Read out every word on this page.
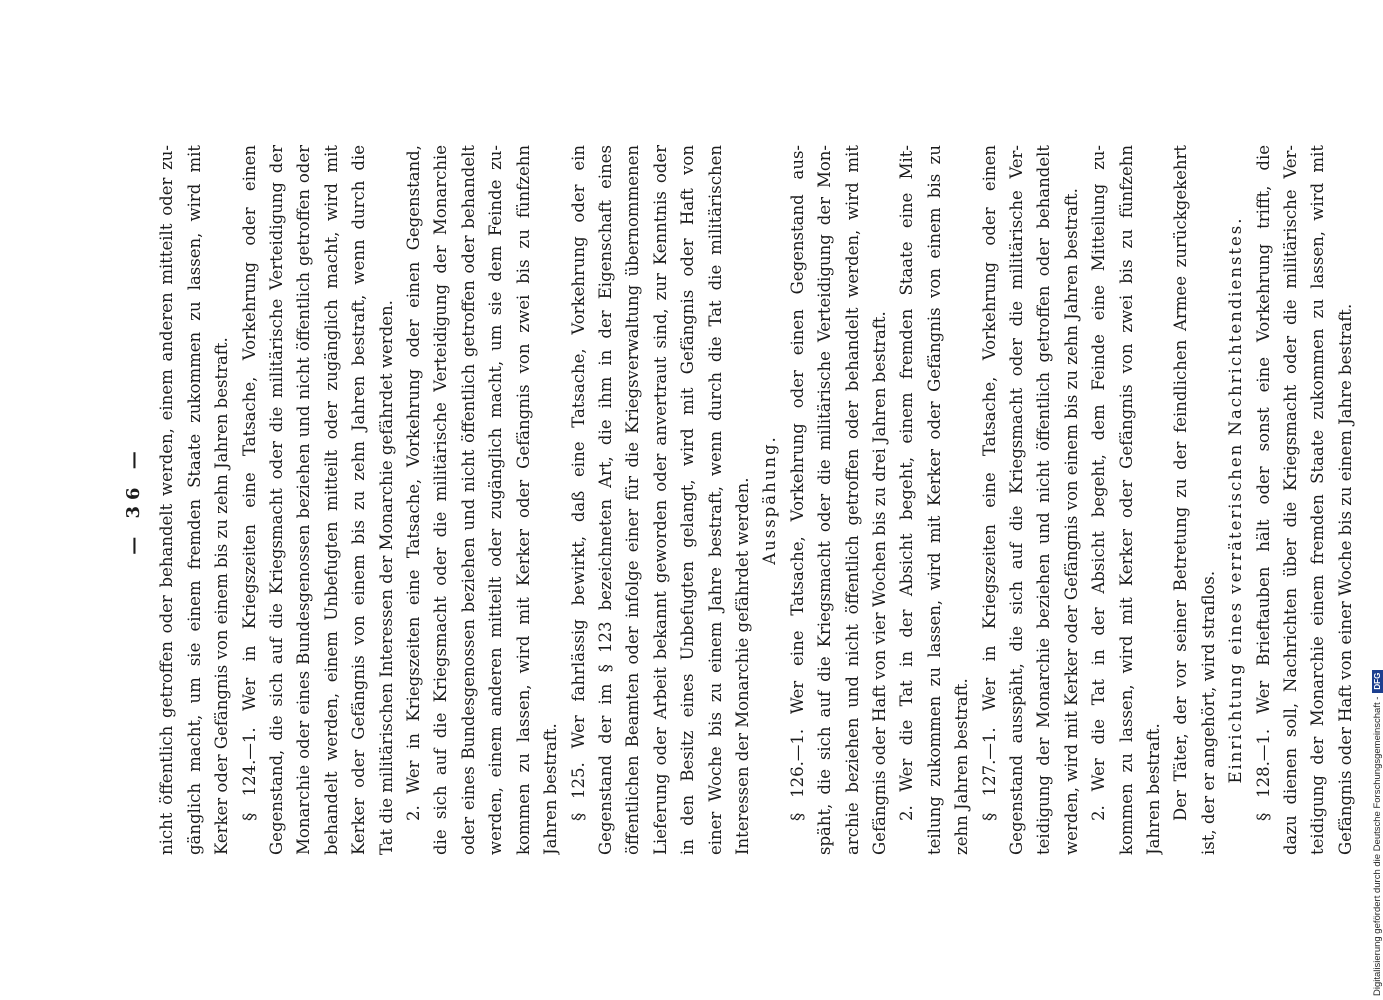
— 36 — nicht öffentlich getroffen oder behandelt werden, einem anderen mitteilt oder zu- gänglich macht, um sie einem fremden Staate zukommen zu lassen, wird mit Kerker oder Gefängnis von einem bis zu zehn Jahren bestraft. § 124.—1. Wer in Kriegszeiten eine Tatsache, Vorkehrung oder einen Gegenstand, die sich auf die Kriegsmacht oder die militärische Verteidigung der Monarchie oder eines Bundesgenossen beziehen und nicht öffentlich getroffen oder behandelt werden, einem Unbefugten mitteilt oder zugänglich macht, wird mit Kerker oder Gefängnis von einem bis zu zehn Jahren bestraft, wenn durch die Tat die militärischen Interessen der Monarchie gefährdet werden. 2. Wer in Kriegszeiten eine Tatsache, Vorkehrung oder einen Gegenstand, die sich auf die Kriegsmacht oder die militärische Verteidigung der Monarchie oder eines Bundesgenossen beziehen und nicht öffentlich getroffen oder behandelt werden, einem anderen mitteilt oder zugänglich macht, um sie dem Feinde zu- kommen zu lassen, wird mit Kerker oder Gefängnis von zwei bis zu fünfzehn Jahren bestraft. § 125. Wer fahrlässig bewirkt, daß eine Tatsache, Vorkehrung oder ein Gegenstand der im § 123 bezeichneten Art, die ihm in der Eigenschaft eines öffentlichen Beamten oder infolge einer für die Kriegsverwaltung übernommenen Lieferung oder Arbeit bekannt geworden oder anvertraut sind, zur Kenntnis oder in den Besitz eines Unbefugten gelangt, wird mit Gefängnis oder Haft von einer Woche bis zu einem Jahre bestraft, wenn durch die Tat die militärischen Interessen der Monarchie gefährdet werden. Ausspähung. § 126.—1. Wer eine Tatsache, Vorkehrung oder einen Gegenstand aus- späht, die sich auf die Kriegsmacht oder die militärische Verteidigung der Mon- archie beziehen und nicht öffentlich getroffen oder behandelt werden, wird mit Gefängnis oder Haft von vier Wochen bis zu drei Jahren bestraft. 2. Wer die Tat in der Absicht begeht, einem fremden Staate eine Mit- teilung zukommen zu lassen, wird mit Kerker oder Gefängnis von einem bis zu zehn Jahren bestraft. § 127.—1. Wer in Kriegszeiten eine Tatsache, Vorkehrung oder einen Gegenstand ausspäht, die sich auf die Kriegsmacht oder die militärische Ver- teidigung der Monarchie beziehen und nicht öffentlich getroffen oder behandelt werden, wird mit Kerker oder Gefängnis von einem bis zu zehn Jahren bestraft. 2. Wer die Tat in der Absicht begeht, dem Feinde eine Mitteilung zu- kommen zu lassen, wird mit Kerker oder Gefängnis von zwei bis zu fünfzehn Jahren bestraft. Der Täter, der vor seiner Betretung zu der feindlichen Armee zurückgekehrt ist, der er angehört, wird straflos. Einrichtung eines verräterischen Nachrichtendienstes. § 128.—1. Wer Brieftauben hält oder sonst eine Vorkehrung trifft, die dazu dienen soll, Nachrichten über die Kriegsmacht oder die militärische Ver- teidigung der Monarchie einem fremden Staate zukommen zu lassen, wird mit Gefängnis oder Haft von einer Woche bis zu einem Jahre bestraft.	Digitalisierung gefördert durch die Deutsche Forschungsgemeinschaft -DFG
